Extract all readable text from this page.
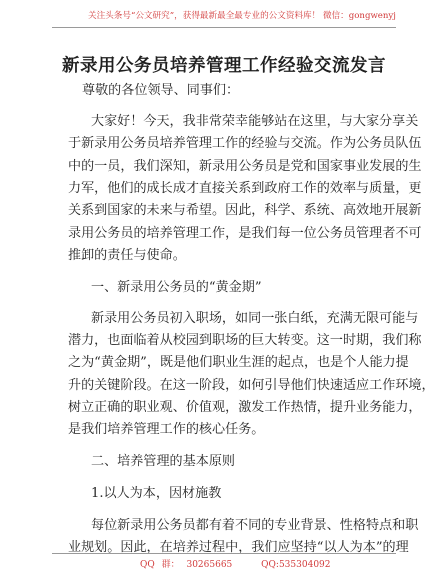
关注头条号“公文研究”，获得最新最全最专业的公文资料库！ 微信：gongwenyj
新录用公务员培养管理工作经验交流发言
尊敬的各位领导、同事们：
大家好！今天，我非常荣幸能够站在这里，与大家分享关
于新录用公务员培养管理工作的经验与交流。作为公务员队伍
中的一员，我们深知，新录用公务员是党和国家事业发展的生
力军，他们的成长成才直接关系到政府工作的效率与质量，更
关系到国家的未来与希望。因此，科学、系统、高效地开展新
录用公务员的培养管理工作，是我们每一位公务员管理者不可
推卸的责任与使命。
一、新录用公务员的“黄金期”
新录用公务员初入职场，如同一张白纸，充满无限可能与
潜力，也面临着从校园到职场的巨大转变。这一时期，我们称
之为“黄金期”，既是他们职业生涯的起点，也是个人能力提
升的关键阶段。在这一阶段，如何引导他们快速适应工作环境，
树立正确的职业观、价值观，激发工作热情，提升业务能力，
是我们培养管理工作的核心任务。
二、培养管理的基本原则
1.以人为本，因材施教
每位新录用公务员都有着不同的专业背景、性格特点和职
业规划。因此，在培养过程中，我们应坚持“以人为本”的理
QQ 群： 30265665	QQ:535304092
